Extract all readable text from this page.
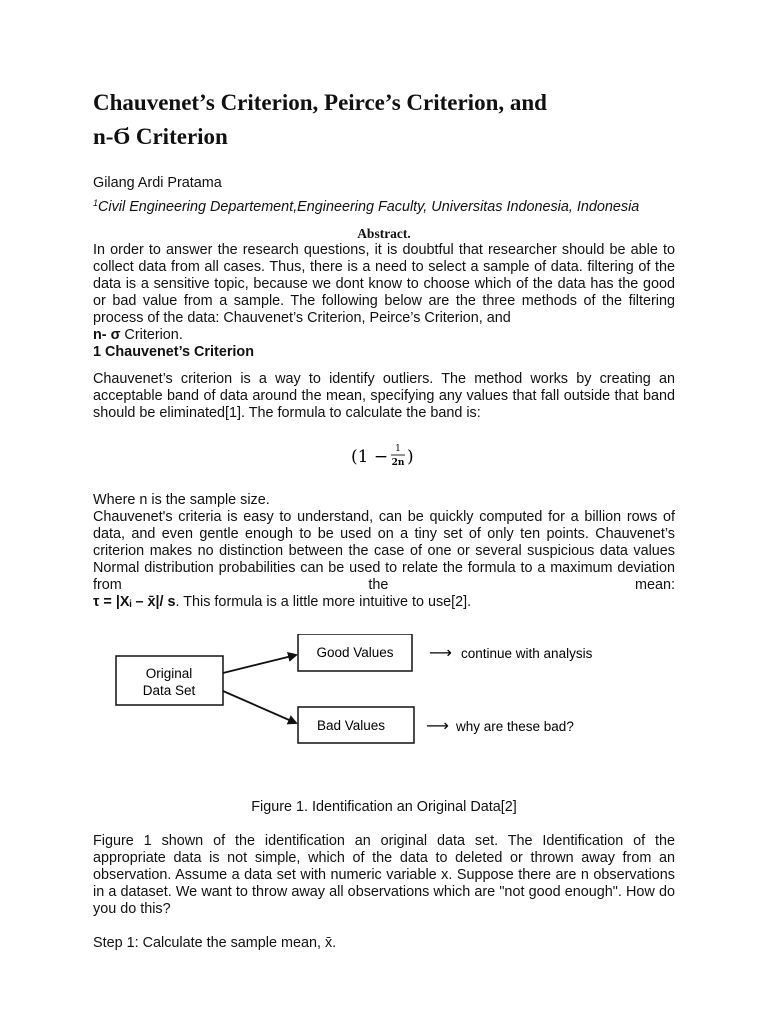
Chauvenet’s Criterion, Peirce’s Criterion, and
n-Ϭ Criterion

Gilang Ardi Pratama

$^1$Civil Engineering Departement,Engineering Faculty, Universitas Indonesia, Indonesia

Abstract.

In order to answer the research questions, it is doubtful that researcher should be able to collect data from all cases. Thus, there is a need to select a sample of data. filtering of the data is a sensitive topic, because we dont know to choose which of the data has the good or bad value from a sample. The following below are the three methods of the filtering process of the data: Chauvenet’s Criterion, Peirce’s Criterion, and
n- σ Criterion.

1 Chauvenet’s Criterion

Chauvenet’s criterion is a way to identify outliers. The method works by creating an acceptable band of data around the mean, specifying any values that fall outside that band should be eliminated[1]. The formula to calculate the band is:

(1 − 1
2n )

Where n is the sample size.

Chauvenet's criteria is easy to understand, can be quickly computed for a billion rows of data, and even gentle enough to be used on a tiny set of only ten points. Chauvenet’s criterion makes no distinction between the case of one or several suspicious data values Normal distribution probabilities can be used to relate the formula to a maximum deviation from the mean:

τ = |Xᵢ – x̄|/ s. This formula is a little more intuitive to use[2].

Original
Data Set
Good Values
Bad Values
⟶ continue with analysis
⟶ why are these bad?

Figure 1. Identification an Original Data[2]

Figure 1 shown of the identification an original data set. The Identification of the appropriate data is not simple, which of the data to deleted or thrown away from an observation. Assume a data set with numeric variable x. Suppose there are n observations in a dataset. We want to throw away all observations which are "not good enough". How do you do this?

Step 1: Calculate the sample mean, x̄.
